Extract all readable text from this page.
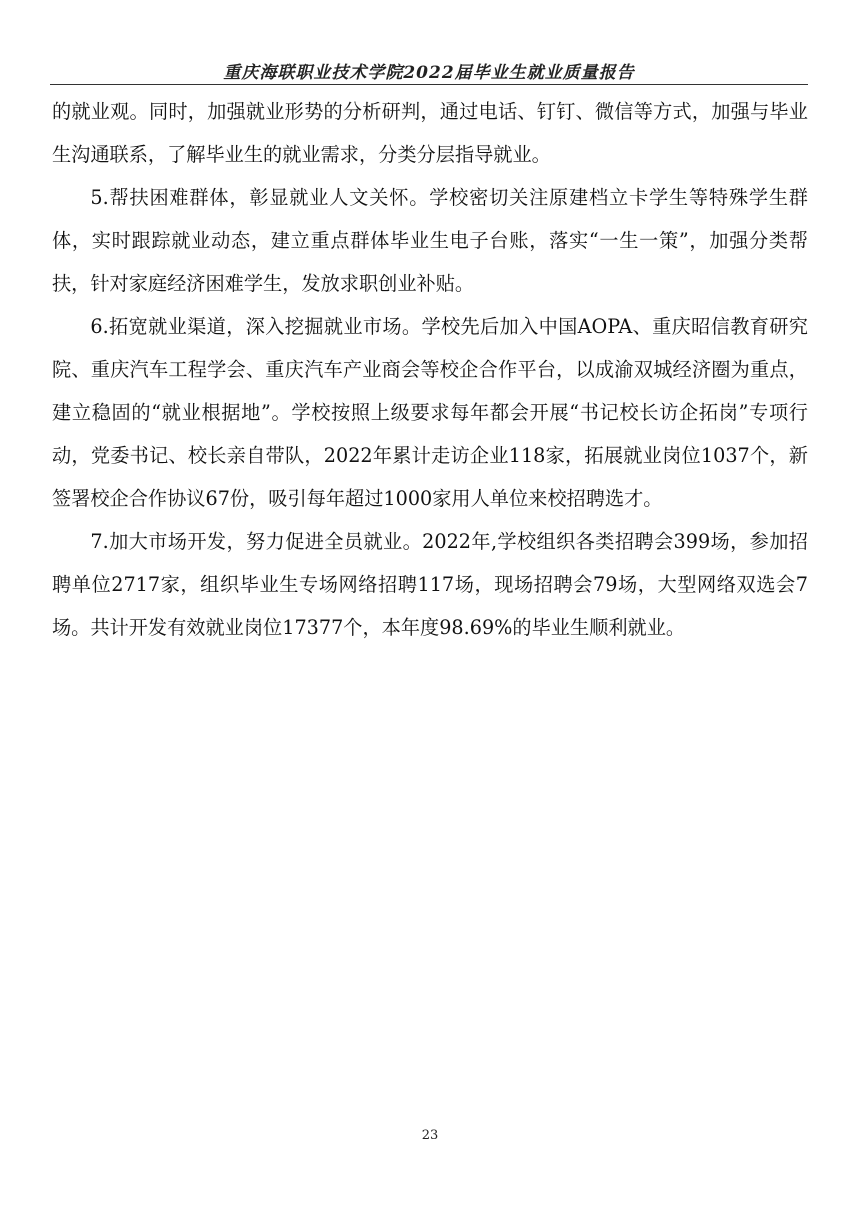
重庆海联职业技术学院2022届毕业生就业质量报告

的就业观。同时，加强就业形势的分析研判，通过电话、钉钉、微信等方式，加强与毕业生沟通联系，了解毕业生的就业需求，分类分层指导就业。

5.帮扶困难群体，彰显就业人文关怀。学校密切关注原建档立卡学生等特殊学生群体，实时跟踪就业动态，建立重点群体毕业生电子台账，落实“一生一策”，加强分类帮扶，针对家庭经济困难学生，发放求职创业补贴。

6.拓宽就业渠道，深入挖掘就业市场。学校先后加入中国AOPA、重庆昭信教育研究院、重庆汽车工程学会、重庆汽车产业商会等校企合作平台，以成渝双城经济圈为重点，建立稳固的“就业根据地”。学校按照上级要求每年都会开展“书记校长访企拓岗”专项行动，党委书记、校长亲自带队，2022年累计走访企业118家，拓展就业岗位1037个，新签署校企合作协议67份，吸引每年超过1000家用人单位来校招聘选才。

7.加大市场开发，努力促进全员就业。2022年,学校组织各类招聘会399场，参加招聘单位2717家，组织毕业生专场网络招聘117场，现场招聘会79场，大型网络双选会7场。共计开发有效就业岗位17377个，本年度98.69%的毕业生顺利就业。

23
